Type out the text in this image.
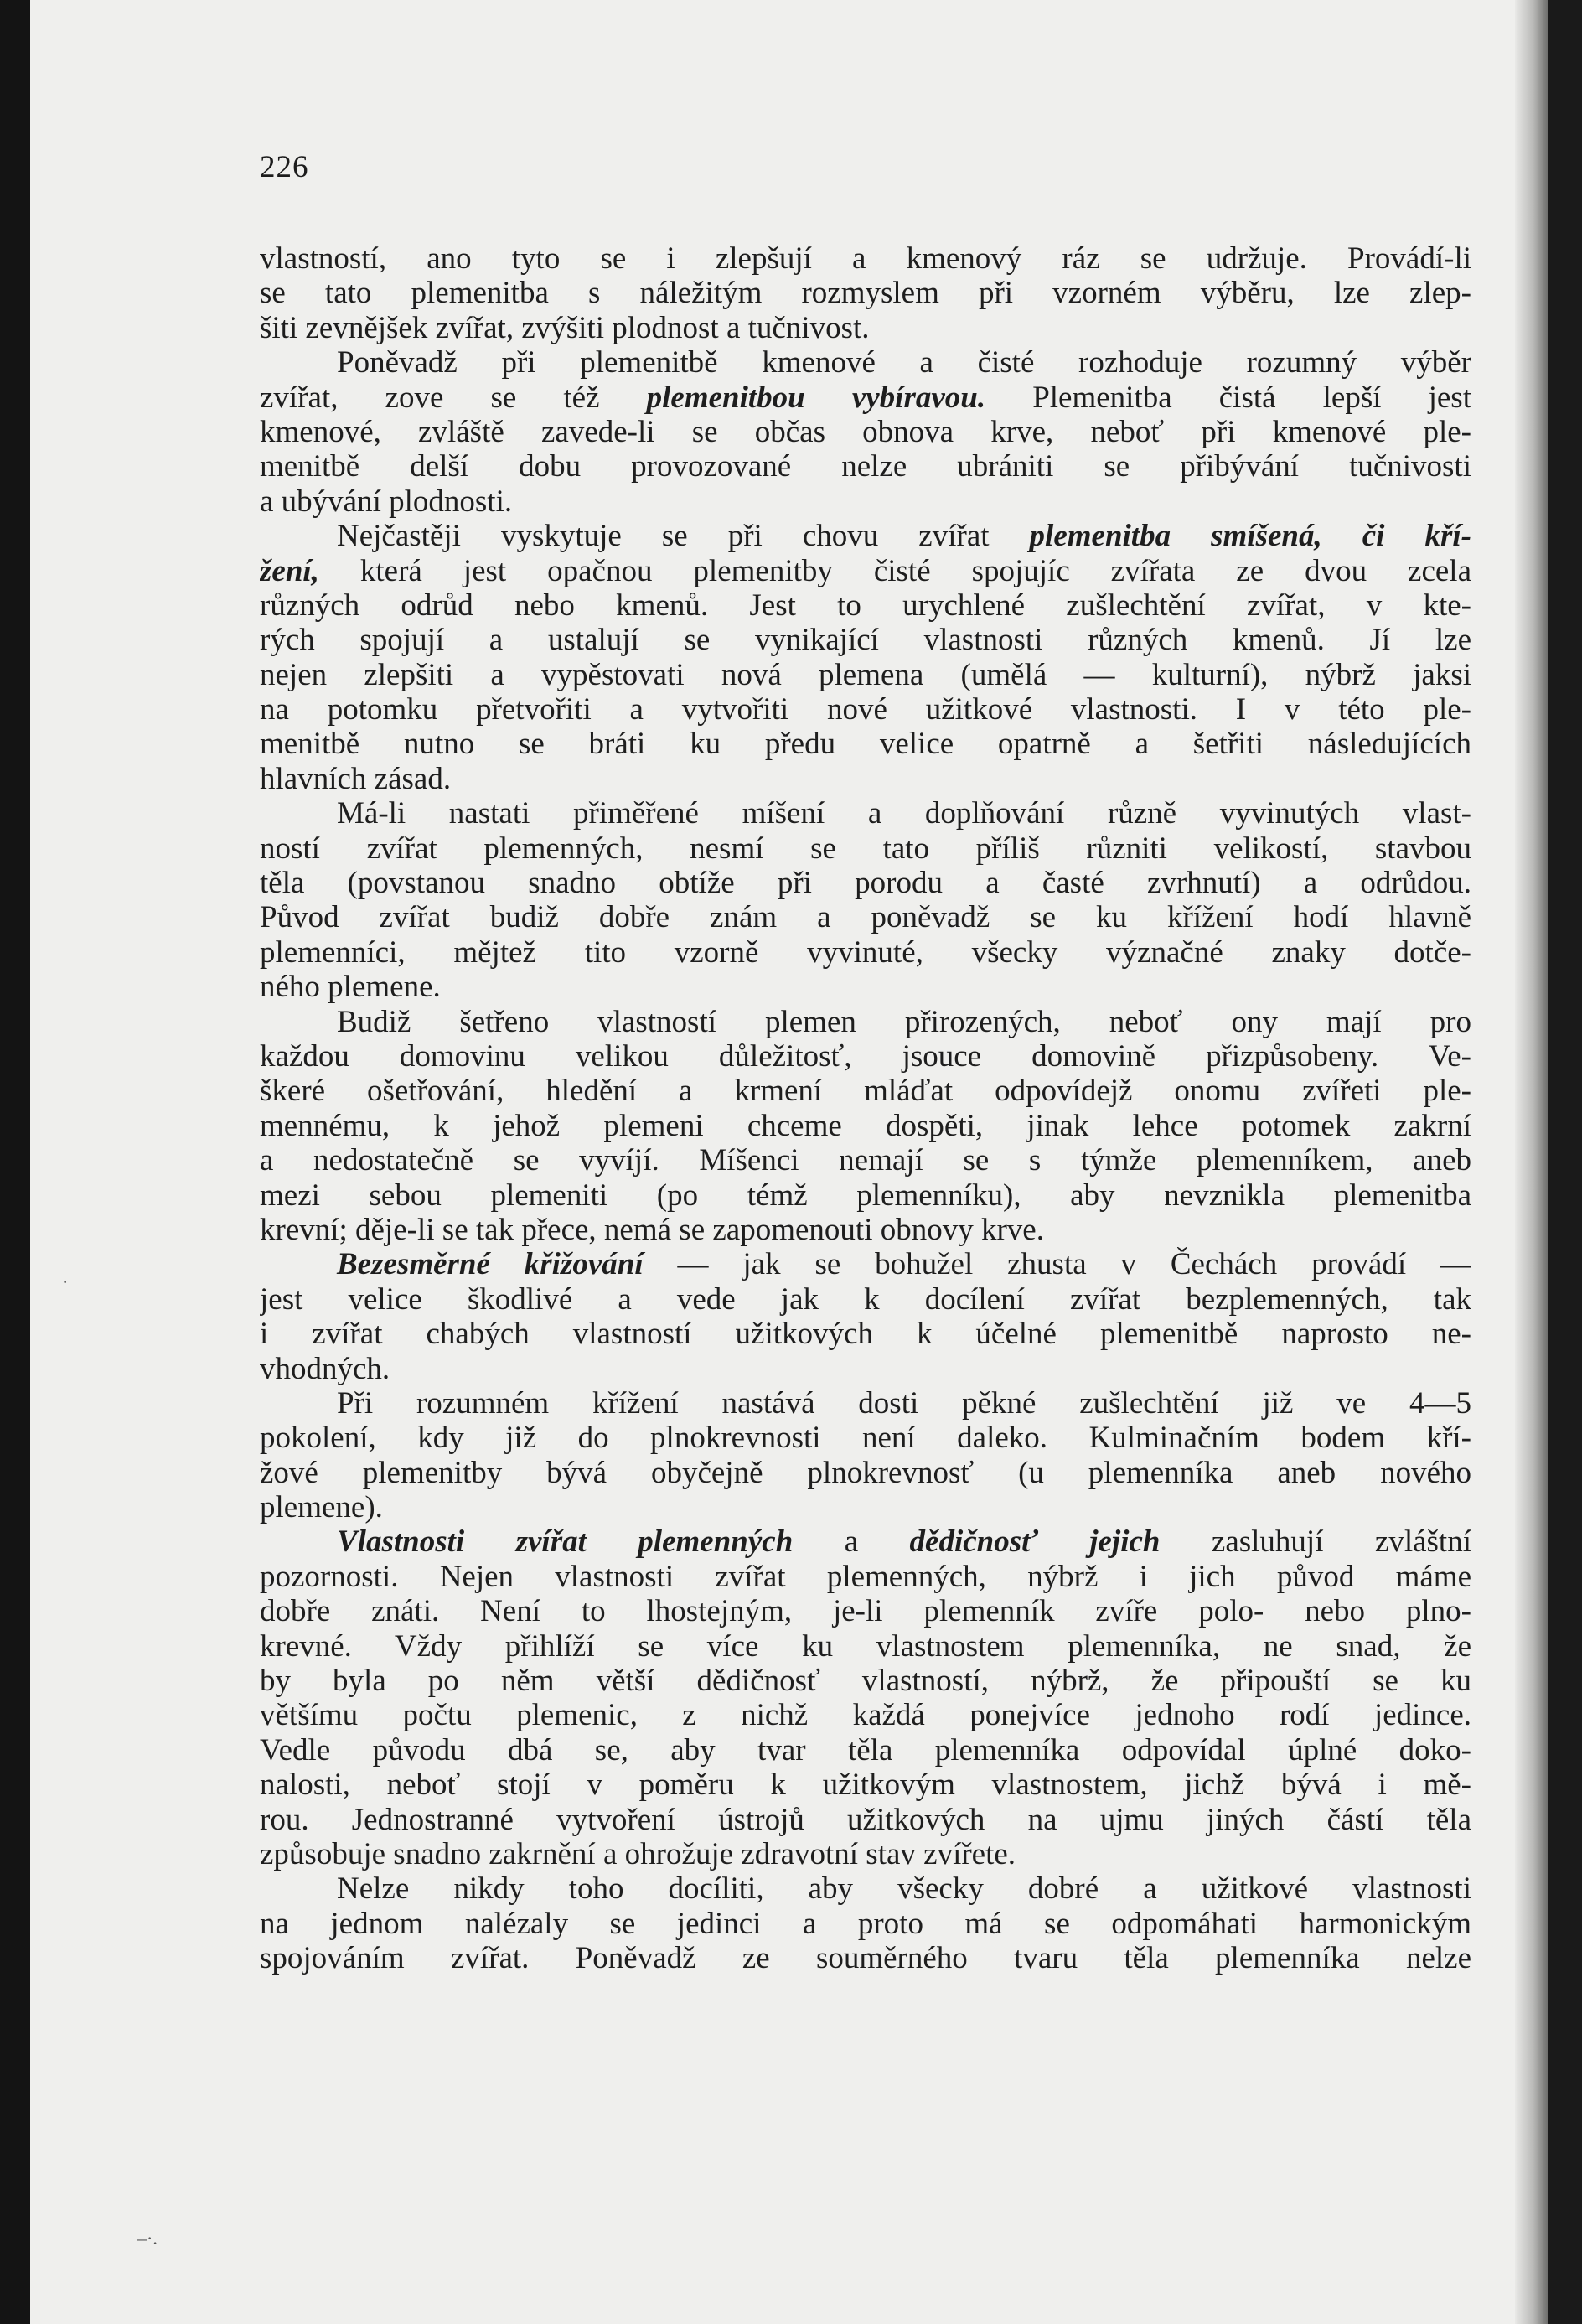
226
vlastností, ano tyto se i zlepšují a kmenový ráz se udržuje. Provádí-li
se tato plemenitba s náležitým rozmyslem při vzorném výběru, lze zlep-
šiti zevnějšek zvířat, zvýšiti plodnost a tučnivost.
Poněvadž při plemenitbě kmenové a čisté rozhoduje rozumný výběr
zvířat, zove se též plemenitbou vybíravou. Plemenitba čistá lepší jest
kmenové, zvláště zavede-li se občas obnova krve, neboť při kmenové ple-
menitbě delší dobu provozované nelze ubrániti se přibývání tučnivosti
a ubývání plodnosti.
Nejčastěji vyskytuje se při chovu zvířat plemenitba smíšená, či kří-
žení, která jest opačnou plemenitby čisté spojujíc zvířata ze dvou zcela
různých odrůd nebo kmenů. Jest to urychlené zušlechtění zvířat, v kte-
rých spojují a ustalují se vynikající vlastnosti různých kmenů. Jí lze
nejen zlepšiti a vypěstovati nová plemena (umělá — kulturní), nýbrž jaksi
na potomku přetvořiti a vytvořiti nové užitkové vlastnosti. I v této ple-
menitbě nutno se bráti ku předu velice opatrně a šetřiti následujících
hlavních zásad.
Má-li nastati přiměřené míšení a doplňování různě vyvinutých vlast-
ností zvířat plemenných, nesmí se tato příliš různiti velikostí, stavbou
těla (povstanou snadno obtíže při porodu a časté zvrhnutí) a odrůdou.
Původ zvířat budiž dobře znám a poněvadž se ku křížení hodí hlavně
plemenníci, mějtež tito vzorně vyvinuté, všecky význačné znaky dotče-
ného plemene.
Budiž šetřeno vlastností plemen přirozených, neboť ony mají pro
každou domovinu velikou důležitosť, jsouce domovině přizpůsobeny. Ve-
škeré ošetřování, hledění a krmení mláďat odpovídejž onomu zvířeti ple-
mennému, k jehož plemeni chceme dospěti, jinak lehce potomek zakrní
a nedostatečně se vyvíjí. Míšenci nemají se s týmže plemenníkem, aneb
mezi sebou plemeniti (po témž plemenníku), aby nevznikla plemenitba
krevní; děje-li se tak přece, nemá se zapomenouti obnovy krve.
Bezesměrné křižování — jak se bohužel zhusta v Čechách provádí —
jest velice škodlivé a vede jak k docílení zvířat bezplemenných, tak
i zvířat chabých vlastností užitkových k účelné plemenitbě naprosto ne-
vhodných.
Při rozumném křížení nastává dosti pěkné zušlechtění již ve 4—5
pokolení, kdy již do plnokrevnosti není daleko. Kulminačním bodem kří-
žové plemenitby bývá obyčejně plnokrevnosť (u plemenníka aneb nového
plemene).
Vlastnosti zvířat plemenných a dědičnosť jejich zasluhují zvláštní
pozornosti. Nejen vlastnosti zvířat plemenných, nýbrž i jich původ máme
dobře znáti. Není to lhostejným, je-li plemenník zvíře polo- nebo plno-
krevné. Vždy přihlíží se více ku vlastnostem plemenníka, ne snad, že
by byla po něm větší dědičnosť vlastností, nýbrž, že připouští se ku
většímu počtu plemenic, z nichž každá ponejvíce jednoho rodí jedince.
Vedle původu dbá se, aby tvar těla plemenníka odpovídal úplné doko-
nalosti, neboť stojí v poměru k užitkovým vlastnostem, jichž bývá i mě-
rou. Jednostranné vytvoření ústrojů užitkových na ujmu jiných částí těla
způsobuje snadno zakrnění a ohrožuje zdravotní stav zvířete.
Nelze nikdy toho docíliti, aby všecky dobré a užitkové vlastnosti
na jednom nalézaly se jedinci a proto má se odpomáhati harmonickým
spojováním zvířat. Poněvadž ze souměrného tvaru těla plemenníka nelze
·
–·.
